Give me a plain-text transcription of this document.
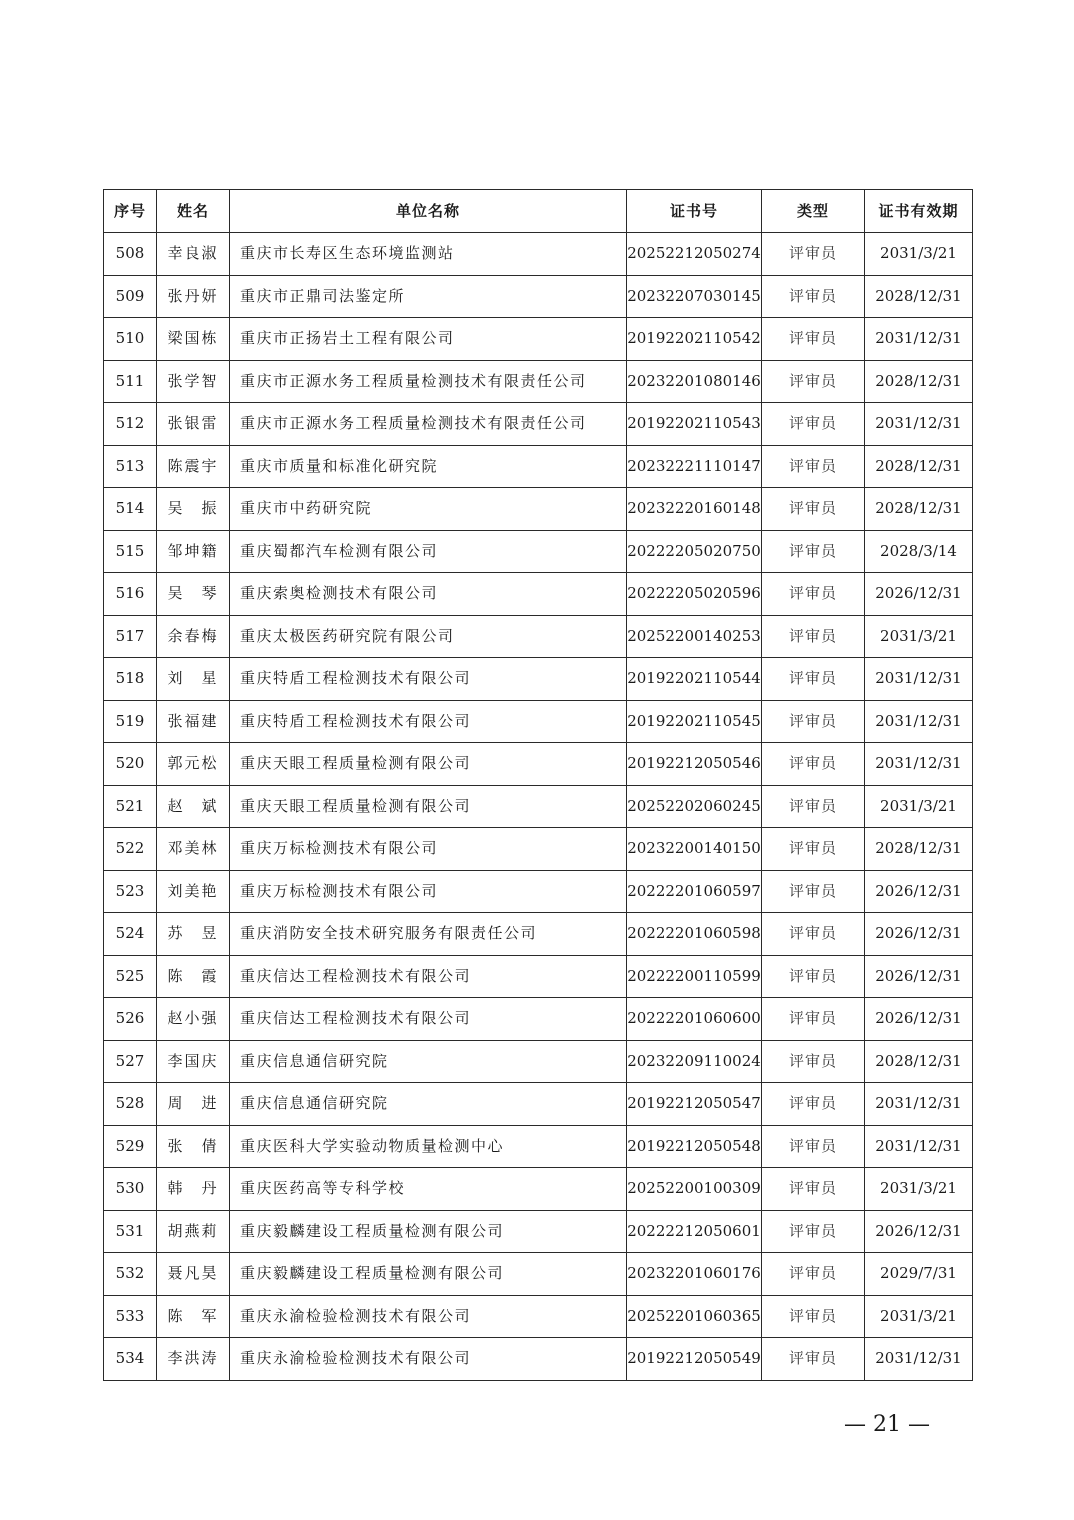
序号	姓名	单位名称	证书号	类型	证书有效期
508	幸良淑	重庆市长寿区生态环境监测站	20252212050274	评审员	2031/3/21
509	张丹妍	重庆市正鼎司法鉴定所	20232207030145	评审员	2028/12/31
510	梁国栋	重庆市正扬岩土工程有限公司	20192202110542	评审员	2031/12/31
511	张学智	重庆市正源水务工程质量检测技术有限责任公司	20232201080146	评审员	2028/12/31
512	张银雷	重庆市正源水务工程质量检测技术有限责任公司	20192202110543	评审员	2031/12/31
513	陈震宇	重庆市质量和标准化研究院	20232221110147	评审员	2028/12/31
514	吴　振	重庆市中药研究院	20232220160148	评审员	2028/12/31
515	邹坤籍	重庆蜀都汽车检测有限公司	20222205020750	评审员	2028/3/14
516	吴　琴	重庆索奥检测技术有限公司	20222205020596	评审员	2026/12/31
517	余春梅	重庆太极医药研究院有限公司	20252200140253	评审员	2031/3/21
518	刘　星	重庆特盾工程检测技术有限公司	20192202110544	评审员	2031/12/31
519	张福建	重庆特盾工程检测技术有限公司	20192202110545	评审员	2031/12/31
520	郭元松	重庆天眼工程质量检测有限公司	20192212050546	评审员	2031/12/31
521	赵　斌	重庆天眼工程质量检测有限公司	20252202060245	评审员	2031/3/21
522	邓美林	重庆万标检测技术有限公司	20232200140150	评审员	2028/12/31
523	刘美艳	重庆万标检测技术有限公司	20222201060597	评审员	2026/12/31
524	苏　昱	重庆消防安全技术研究服务有限责任公司	20222201060598	评审员	2026/12/31
525	陈　霞	重庆信达工程检测技术有限公司	20222200110599	评审员	2026/12/31
526	赵小强	重庆信达工程检测技术有限公司	20222201060600	评审员	2026/12/31
527	李国庆	重庆信息通信研究院	20232209110024	评审员	2028/12/31
528	周　进	重庆信息通信研究院	20192212050547	评审员	2031/12/31
529	张　倩	重庆医科大学实验动物质量检测中心	20192212050548	评审员	2031/12/31
530	韩　丹	重庆医药高等专科学校	20252200100309	评审员	2031/3/21
531	胡燕莉	重庆毅麟建设工程质量检测有限公司	20222212050601	评审员	2026/12/31
532	聂凡昊	重庆毅麟建设工程质量检测有限公司	20232201060176	评审员	2029/7/31
533	陈　军	重庆永渝检验检测技术有限公司	20252201060365	评审员	2031/3/21
534	李洪涛	重庆永渝检验检测技术有限公司	20192212050549	评审员	2031/12/31
— 21 —
